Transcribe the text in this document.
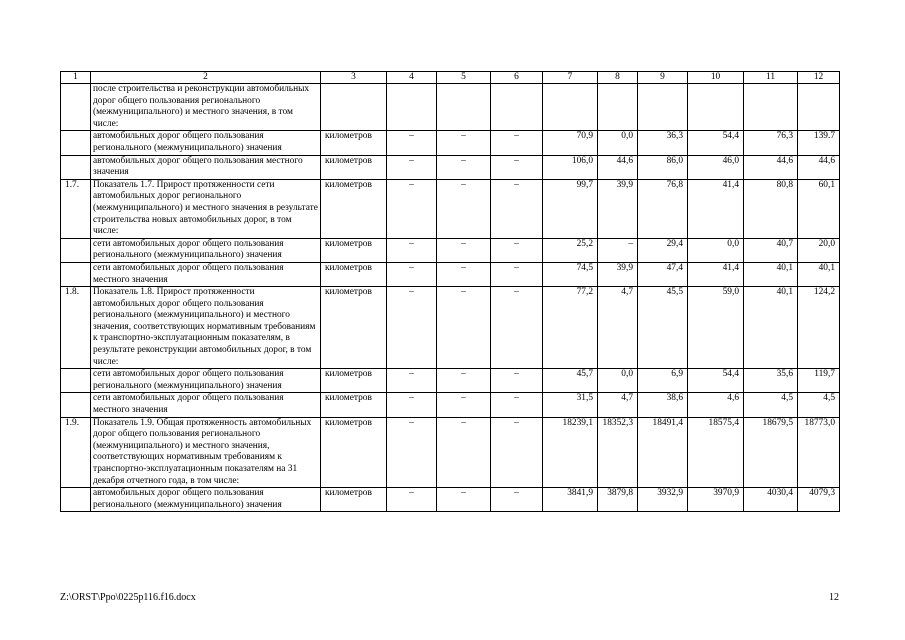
1	2	3	4	5	6	7	8	9	10	11	12
	после строительства и реконструкции автомобильных дорог общего пользования регионального (межмуниципального) и местного значения, в том числе:										
	автомобильных дорог общего пользования регионального (межмуниципального) значения	километров	–	–	–	70,9	0,0	36,3	54,4	76,3	139.7
	автомобильных дорог общего пользования местного значения	километров	–	–	–	106,0	44,6	86,0	46,0	44,6	44,6
1.7.	Показатель 1.7. Прирост протяженности сети автомобильных дорог регионального (межмуниципального) и местного значения в результате строительства новых автомобильных дорог, в том числе:	километров	–	–	–	99,7	39,9	76,8	41,4	80,8	60,1
	сети автомобильных дорог общего пользования регионального (межмуниципального) значения	километров	–	–	–	25,2	–	29,4	0,0	40,7	20,0
	сети автомобильных дорог общего пользования местного значения	километров	–	–	–	74,5	39,9	47,4	41,4	40,1	40,1
1.8.	Показатель 1.8. Прирост протяженности автомобильных дорог общего пользования регионального (межмуниципального) и местного значения, соответствующих нормативным требованиям к транспортно-эксплуатационным показателям, в результате реконструкции автомобильных дорог, в том числе:	километров	–	–	–	77,2	4,7	45,5	59,0	40,1	124,2
	сети автомобильных дорог общего пользования регионального (межмуниципального) значения	километров	–	–	–	45,7	0,0	6,9	54,4	35,6	119,7
	сети автомобильных дорог общего пользования местного значения	километров	–	–	–	31,5	4,7	38,6	4,6	4,5	4,5
1.9.	Показатель 1.9. Общая протяженность автомобильных дорог общего пользования регионального (межмуниципального) и местного значения, соответствующих нормативным требованиям к транспортно-эксплуатационным показателям на 31 декабря отчетного года, в том числе:	километров	–	–	–	18239,1	18352,3	18491,4	18575,4	18679,5	18773,0
	автомобильных дорог общего пользования регионального (межмуниципального) значения	километров	–	–	–	3841,9	3879,8	3932,9	3970,9	4030,4	4079,3
Z:\ORST\Ppo\0225p116.f16.docx	12
